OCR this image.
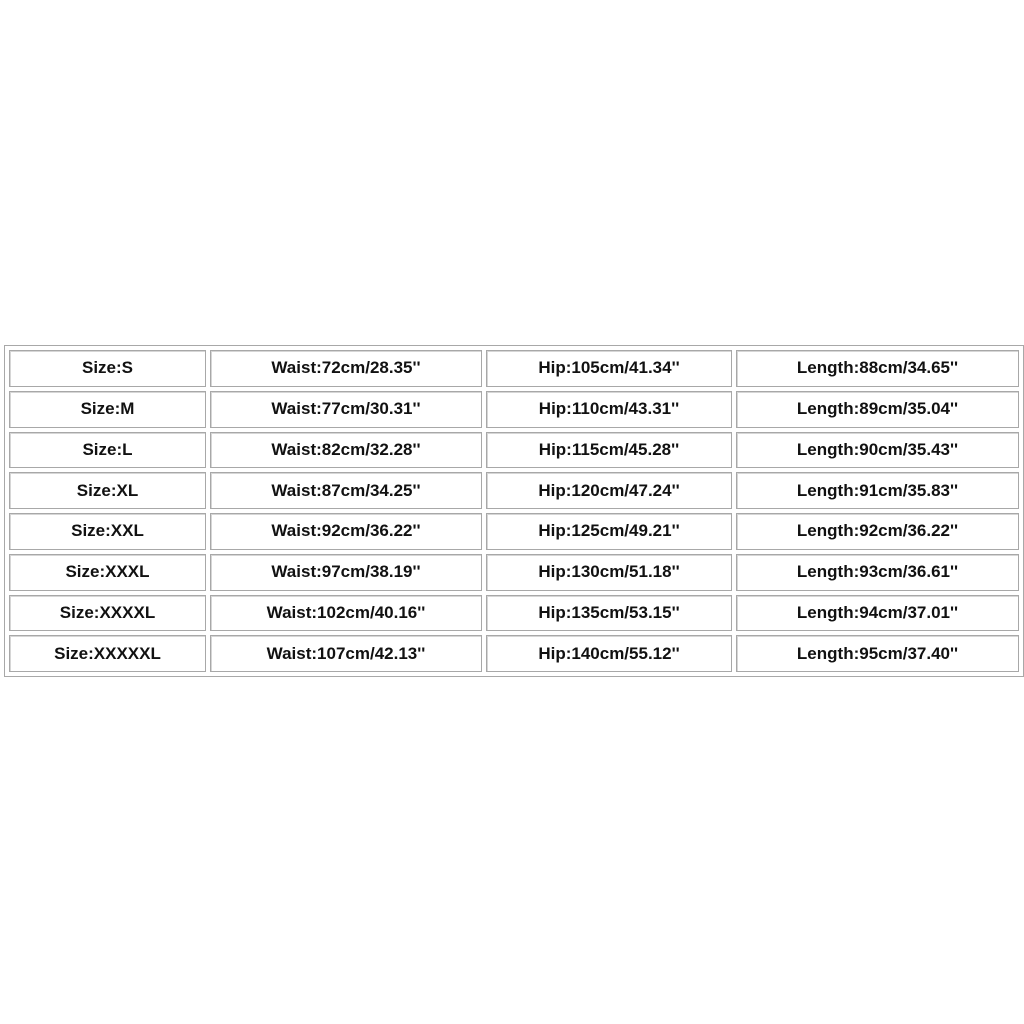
Size:S	Waist:72cm/28.35''	Hip:105cm/41.34''	Length:88cm/34.65''
Size:M	Waist:77cm/30.31''	Hip:110cm/43.31''	Length:89cm/35.04''
Size:L	Waist:82cm/32.28''	Hip:115cm/45.28''	Length:90cm/35.43''
Size:XL	Waist:87cm/34.25''	Hip:120cm/47.24''	Length:91cm/35.83''
Size:XXL	Waist:92cm/36.22''	Hip:125cm/49.21''	Length:92cm/36.22''
Size:XXXL	Waist:97cm/38.19''	Hip:130cm/51.18''	Length:93cm/36.61''
Size:XXXXL	Waist:102cm/40.16''	Hip:135cm/53.15''	Length:94cm/37.01''
Size:XXXXXL	Waist:107cm/42.13''	Hip:140cm/55.12''	Length:95cm/37.40''
